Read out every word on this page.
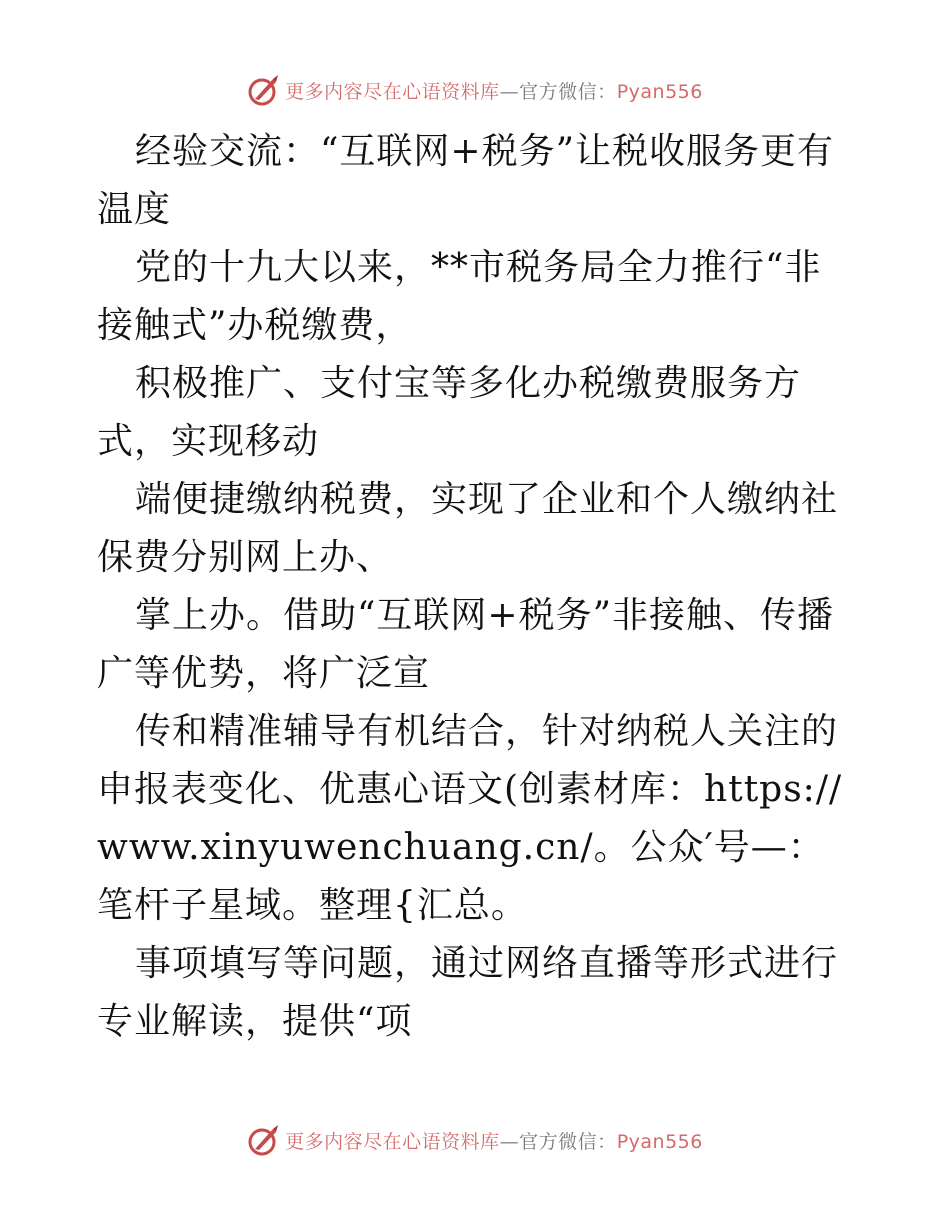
更多内容尽在心语资料库—官方微信：Pyan556

经验交流：“互联网+税务”让税收服务更有温度

党的十九大以来，**市税务局全力推行“非接触式”办税缴费，

积极推广、支付宝等多化办税缴费服务方式，实现移动

端便捷缴纳税费，实现了企业和个人缴纳社保费分别网上办、

掌上办。借助“互联网+税务”非接触、传播广等优势，将广泛宣

传和精准辅导有机结合，针对纳税人关注的申报表变化、优惠心语文(创素材库：https://www.xinyuwenchuang.cn/。公众′号—：笔杆子星域。整理{汇总。

事项填写等问题，通过网络直播等形式进行专业解读，提供“项

更多内容尽在心语资料库—官方微信：Pyan556
